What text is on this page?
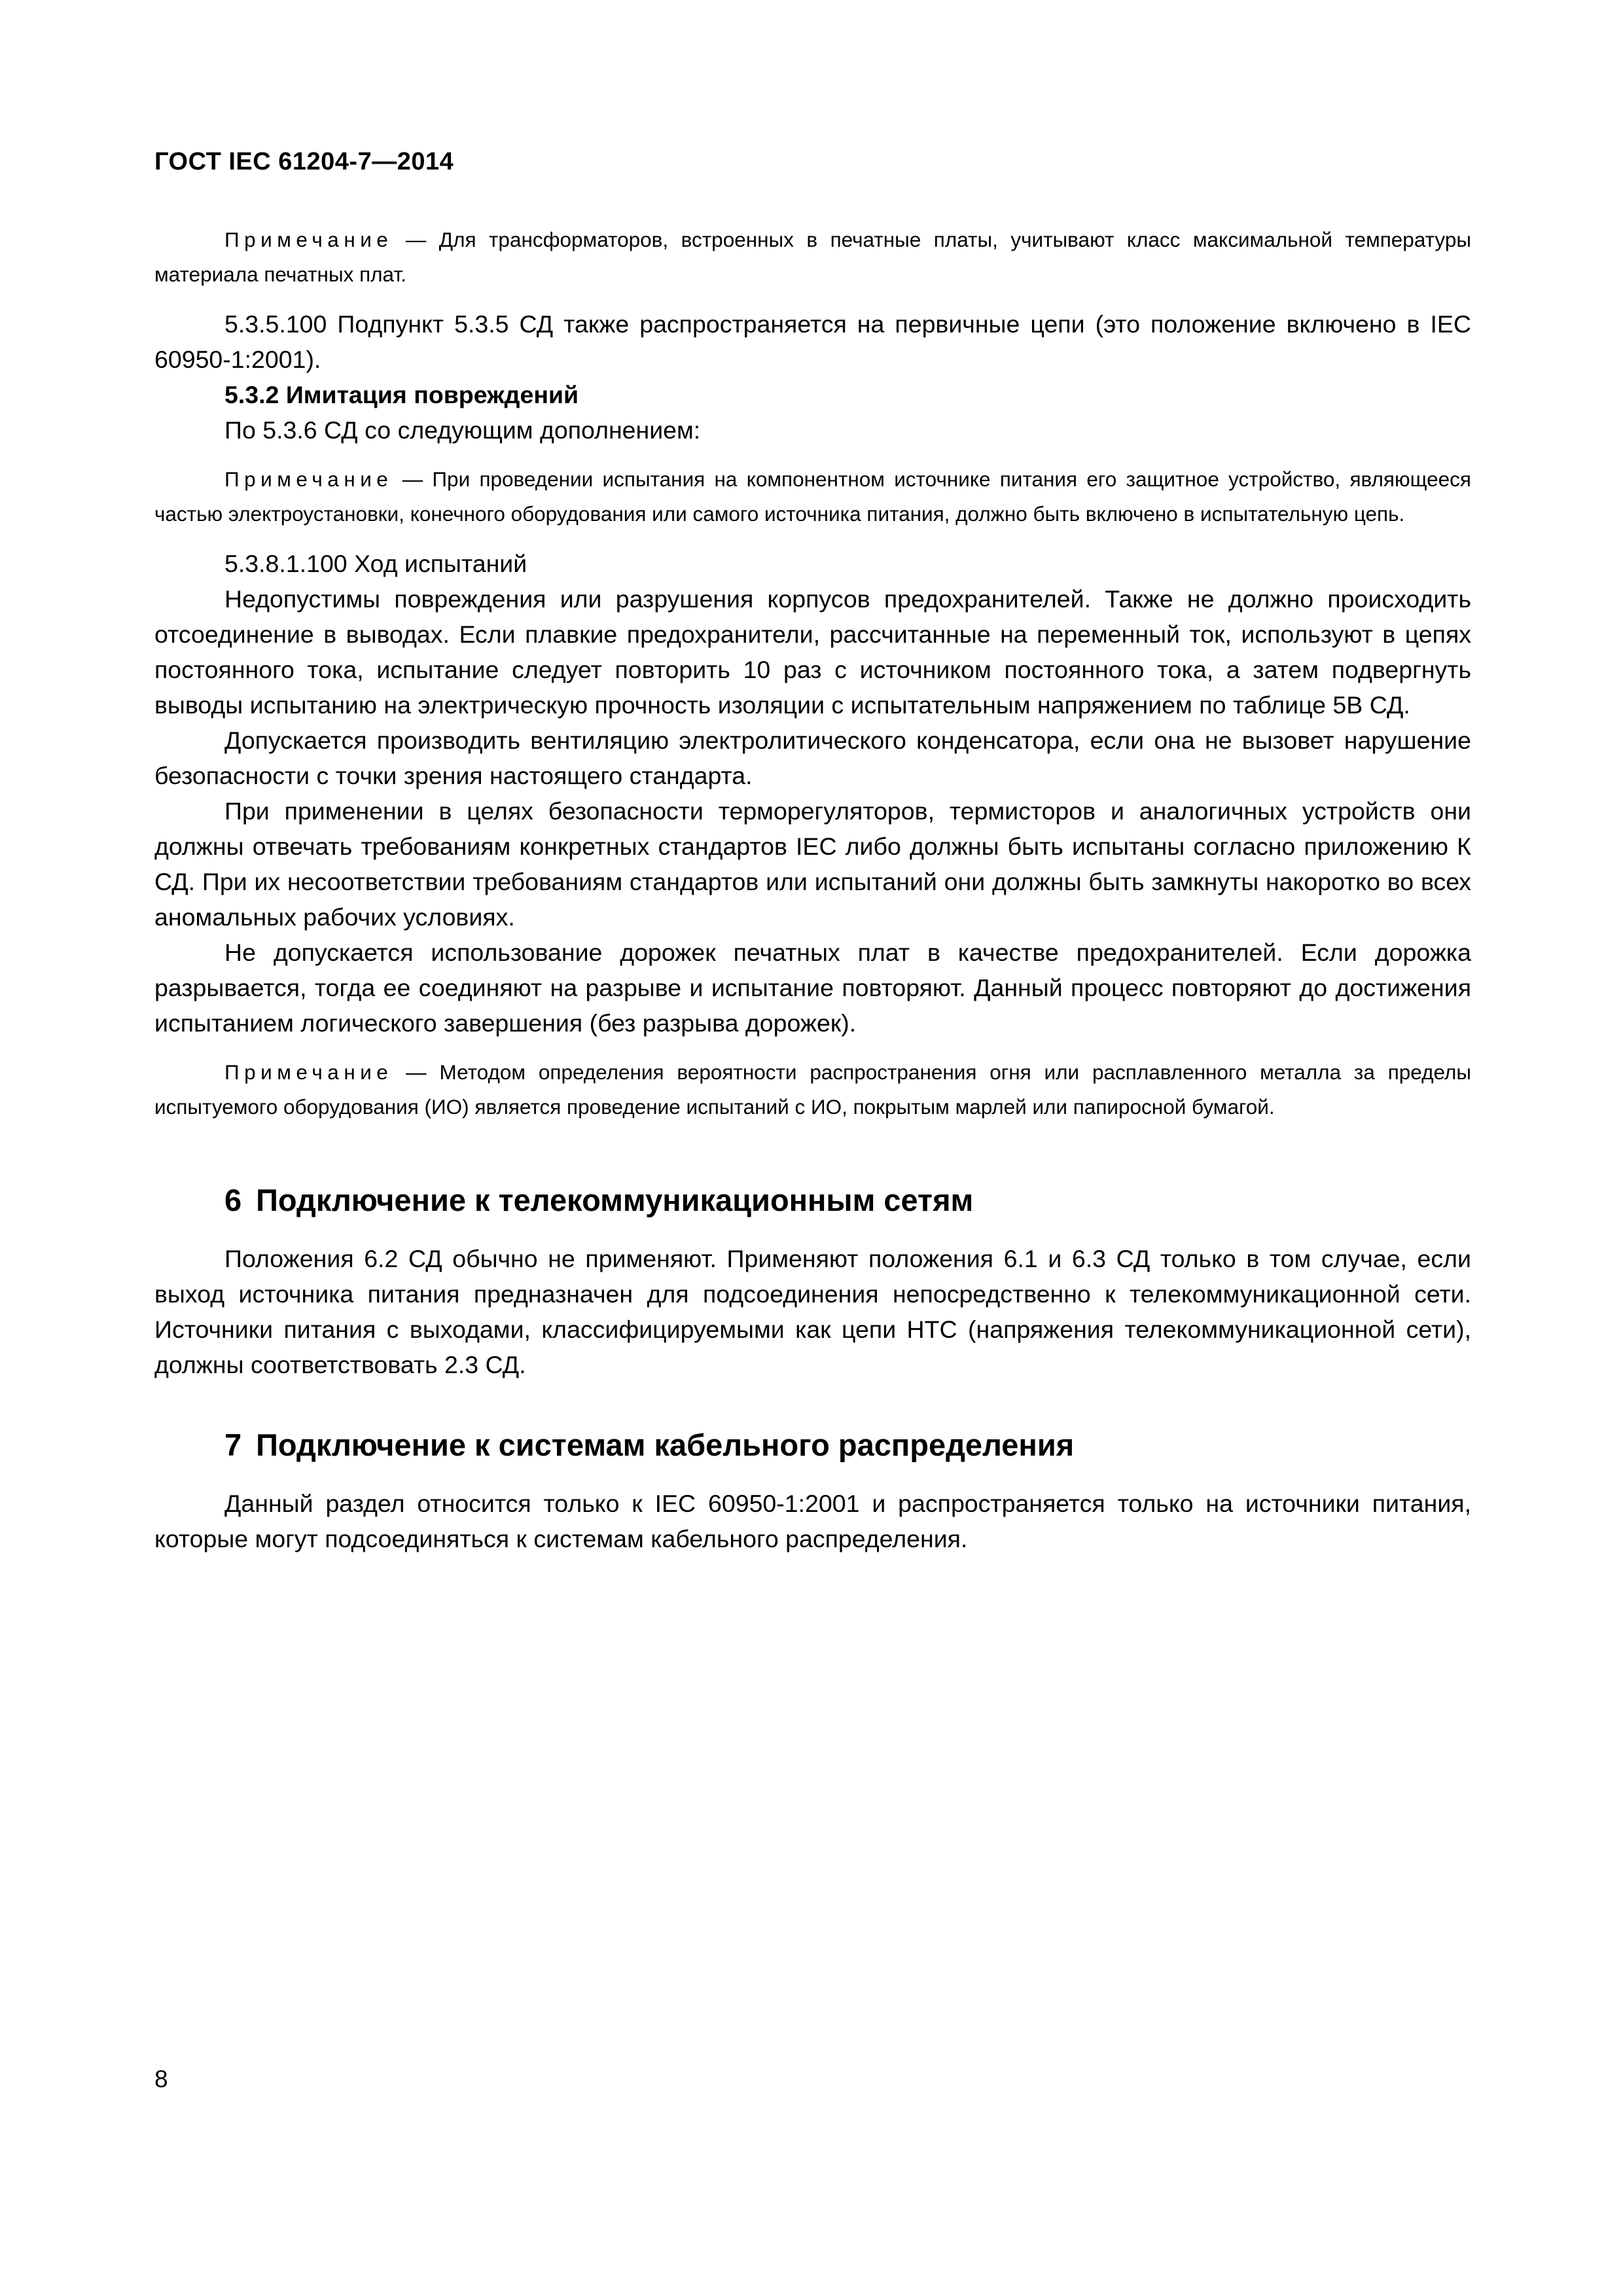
ГОСТ IEC 61204-7—2014

Примечание — Для трансформаторов, встроенных в печатные платы, учитывают класс максимальной температуры материала печатных плат.

5.3.5.100 Подпункт 5.3.5 СД также распространяется на первичные цепи (это положение включено в IEC 60950-1:2001).

5.3.2 Имитация повреждений

По 5.3.6 СД со следующим дополнением:

Примечание — При проведении испытания на компонентном источнике питания его защитное устройство, являющееся частью электроустановки, конечного оборудования или самого источника питания, должно быть включено в испытательную цепь.

5.3.8.1.100 Ход испытаний

Недопустимы повреждения или разрушения корпусов предохранителей. Также не должно происходить отсоединение в выводах. Если плавкие предохранители, рассчитанные на переменный ток, используют в цепях постоянного тока, испытание следует повторить 10 раз с источником постоянного тока, а затем подвергнуть выводы испытанию на электрическую прочность изоляции с испытательным напряжением по таблице 5В СД.

Допускается производить вентиляцию электролитического конденсатора, если она не вызовет нарушение безопасности с точки зрения настоящего стандарта.

При применении в целях безопасности терморегуляторов, термисторов и аналогичных устройств они должны отвечать требованиям конкретных стандартов IEC либо должны быть испытаны согласно приложению К СД. При их несоответствии требованиям стандартов или испытаний они должны быть замкнуты накоротко во всех аномальных рабочих условиях.

Не допускается использование дорожек печатных плат в качестве предохранителей. Если дорожка разрывается, тогда ее соединяют на разрыве и испытание повторяют. Данный процесс повторяют до достижения испытанием логического завершения (без разрыва дорожек).

Примечание — Методом определения вероятности распространения огня или расплавленного металла за пределы испытуемого оборудования (ИО) является проведение испытаний с ИО, покрытым марлей или папиросной бумагой.

6 Подключение к телекоммуникационным сетям

Положения 6.2 СД обычно не применяют. Применяют положения 6.1 и 6.3 СД только в том случае, если выход источника питания предназначен для подсоединения непосредственно к телекоммуникационной сети. Источники питания с выходами, классифицируемыми как цепи НТС (напряжения телекоммуникационной сети), должны соответствовать 2.3 СД.

7 Подключение к системам кабельного распределения

Данный раздел относится только к IEC 60950-1:2001 и распространяется только на источники питания, которые могут подсоединяться к системам кабельного распределения.

8
